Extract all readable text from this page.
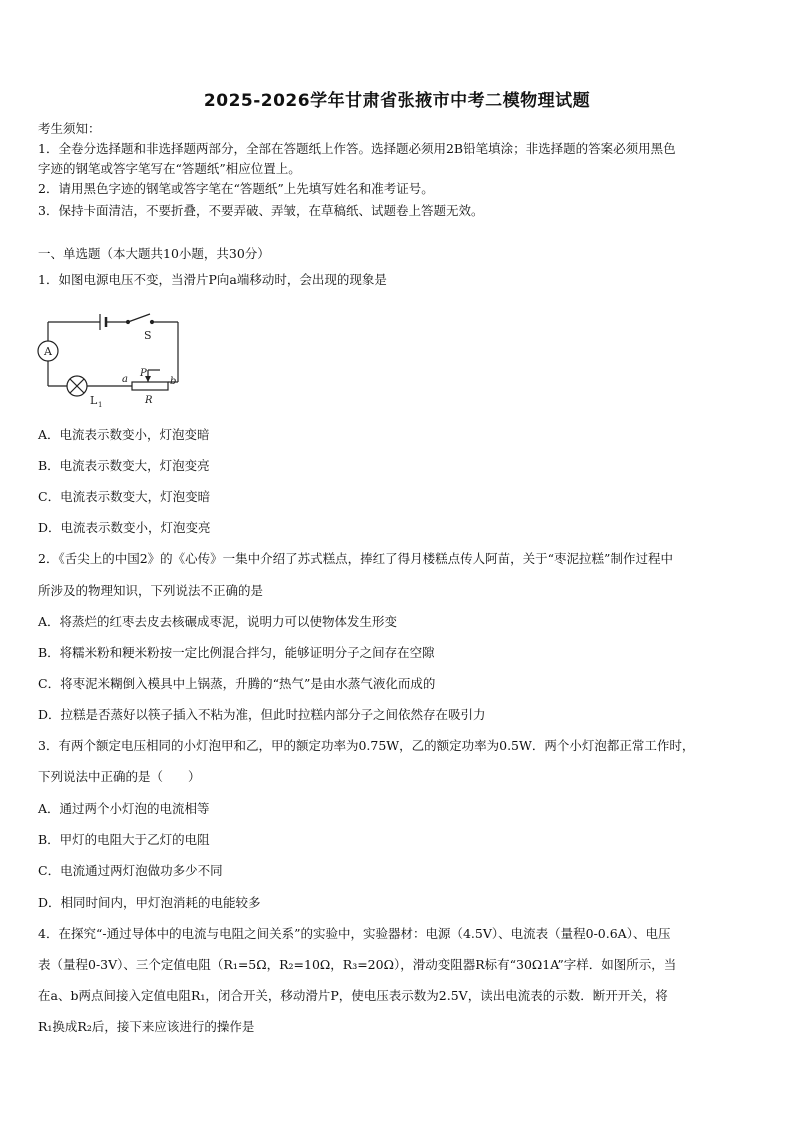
2025-2026学年甘肃省张掖市中考二模物理试题
考生须知：
1．全卷分选择题和非选择题两部分，全部在答题纸上作答。选择题必须用2B铅笔填涂；非选择题的答案必须用黑色
字迹的钢笔或答字笔写在“答题纸”相应位置上。
2．请用黑色字迹的钢笔或答字笔在“答题纸”上先填写姓名和准考证号。
3．保持卡面清洁，不要折叠，不要弄破、弄皱，在草稿纸、试题卷上答题无效。
一、单选题（本大题共10小题，共30分）
1．如图电源电压不变，当滑片P向a端移动时，会出现的现象是
A
S
L 1
a	b
P
R
A．电流表示数变小，灯泡变暗
B．电流表示数变大，灯泡变亮
C．电流表示数变大，灯泡变暗
D．电流表示数变小，灯泡变亮
2．《舌尖上的中国2》的《心传》一集中介绍了苏式糕点，捧红了得月楼糕点传人阿苗，关于“枣泥拉糕”制作过程中
所涉及的物理知识，下列说法不正确的是
A．将蒸烂的红枣去皮去核碾成枣泥，说明力可以使物体发生形变
B．将糯米粉和粳米粉按一定比例混合拌匀，能够证明分子之间存在空隙
C．将枣泥米糊倒入模具中上锅蒸，升腾的“热气”是由水蒸气液化而成的
D．拉糕是否蒸好以筷子插入不粘为准，但此时拉糕内部分子之间依然存在吸引力
3．有两个额定电压相同的小灯泡甲和乙，甲的额定功率为0.75W，乙的额定功率为0.5W．两个小灯泡都正常工作时，
下列说法中正确的是（　　）
A．通过两个小灯泡的电流相等
B．甲灯的电阻大于乙灯的电阻
C．电流通过两灯泡做功多少不同
D．相同时间内，甲灯泡消耗的电能较多
4．在探究“-通过导体中的电流与电阻之间关系”的实验中，实验器材：电源（4.5V）、电流表（量程0-0.6A）、电压
表（量程0-3V）、三个定值电阻（R₁=5Ω，R₂=10Ω，R₃=20Ω），滑动变阻器R标有“30Ω1A”字样．如图所示，当
在a、b两点间接入定值电阻R₁，闭合开关，移动滑片P，使电压表示数为2.5V，读出电流表的示数．断开开关，将
R₁换成R₂后，接下来应该进行的操作是
